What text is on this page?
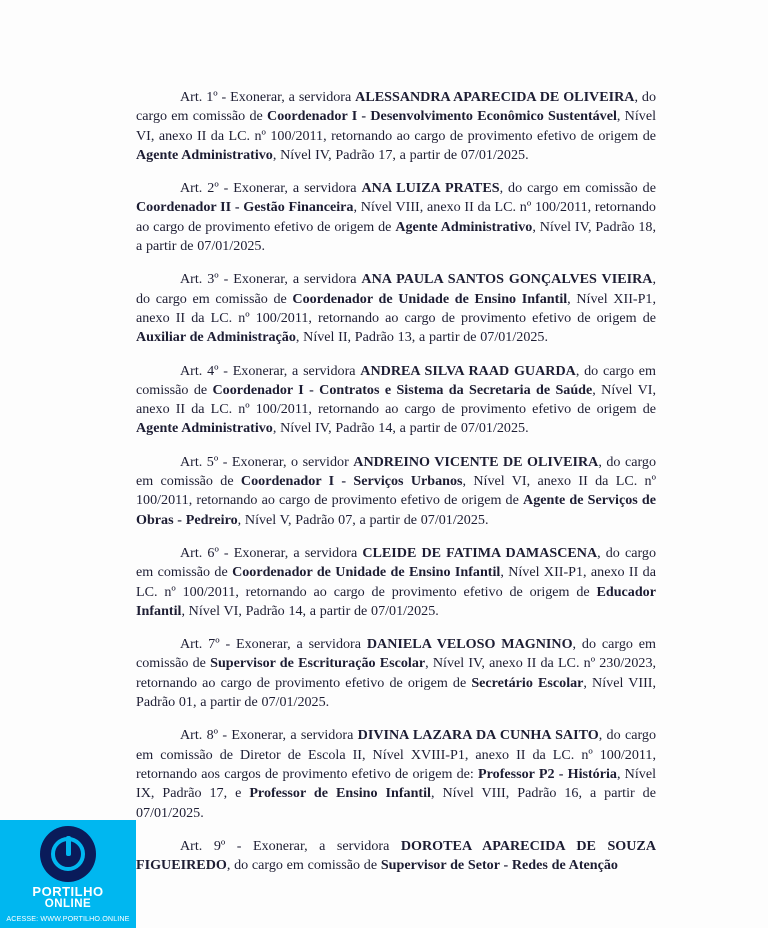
Art. 1º - Exonerar, a servidora ALESSANDRA APARECIDA DE OLIVEIRA, do cargo em comissão de Coordenador I - Desenvolvimento Econômico Sustentável, Nível VI, anexo II da LC. nº 100/2011, retornando ao cargo de provimento efetivo de origem de Agente Administrativo, Nível IV, Padrão 17, a partir de 07/01/2025.

Art. 2º - Exonerar, a servidora ANA LUIZA PRATES, do cargo em comissão de Coordenador II - Gestão Financeira, Nível VIII, anexo II da LC. nº 100/2011, retornando ao cargo de provimento efetivo de origem de Agente Administrativo, Nível IV, Padrão 18, a partir de 07/01/2025.

Art. 3º - Exonerar, a servidora ANA PAULA SANTOS GONÇALVES VIEIRA, do cargo em comissão de Coordenador de Unidade de Ensino Infantil, Nível XII-P1, anexo II da LC. nº 100/2011, retornando ao cargo de provimento efetivo de origem de Auxiliar de Administração, Nível II, Padrão 13, a partir de 07/01/2025.

Art. 4º - Exonerar, a servidora ANDREA SILVA RAAD GUARDA, do cargo em comissão de Coordenador I - Contratos e Sistema da Secretaria de Saúde, Nível VI, anexo II da LC. nº 100/2011, retornando ao cargo de provimento efetivo de origem de Agente Administrativo, Nível IV, Padrão 14, a partir de 07/01/2025.

Art. 5º - Exonerar, o servidor ANDREINO VICENTE DE OLIVEIRA, do cargo em comissão de Coordenador I - Serviços Urbanos, Nível VI, anexo II da LC. nº 100/2011, retornando ao cargo de provimento efetivo de origem de Agente de Serviços de Obras - Pedreiro, Nível V, Padrão 07, a partir de 07/01/2025.

Art. 6º - Exonerar, a servidora CLEIDE DE FATIMA DAMASCENA, do cargo em comissão de Coordenador de Unidade de Ensino Infantil, Nível XII-P1, anexo II da LC. nº 100/2011, retornando ao cargo de provimento efetivo de origem de Educador Infantil, Nível VI, Padrão 14, a partir de 07/01/2025.

Art. 7º - Exonerar, a servidora DANIELA VELOSO MAGNINO, do cargo em comissão de Supervisor de Escrituração Escolar, Nível IV, anexo II da LC. nº 230/2023, retornando ao cargo de provimento efetivo de origem de Secretário Escolar, Nível VIII, Padrão 01, a partir de 07/01/2025.

Art. 8º - Exonerar, a servidora DIVINA LAZARA DA CUNHA SAITO, do cargo em comissão de Diretor de Escola II, Nível XVIII-P1, anexo II da LC. nº 100/2011, retornando aos cargos de provimento efetivo de origem de: Professor P2 - História, Nível IX, Padrão 17, e Professor de Ensino Infantil, Nível VIII, Padrão 16, a partir de 07/01/2025.

Art. 9º - Exonerar, a servidora DOROTEA APARECIDA DE SOUZA FIGUEIREDO, do cargo em comissão de Supervisor de Setor - Redes de Atenção

PORTILHO
ONLINE
ACESSE: WWW.PORTILHO.ONLINE
